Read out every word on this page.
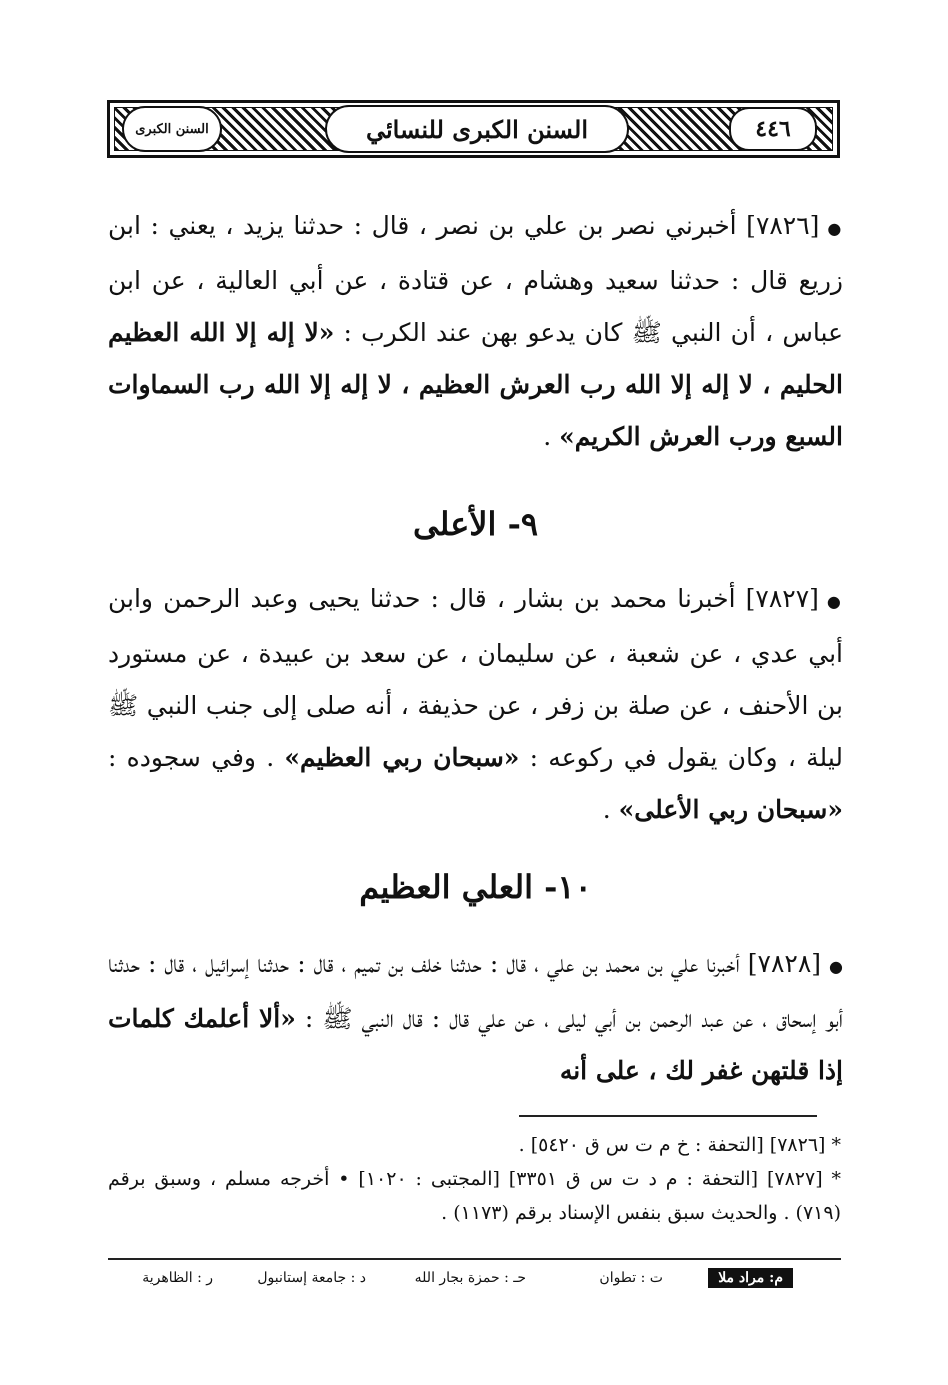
السنن الكبرى	السنن الكبرى للنسائي	٤٤٦

●[٧٨٢٦] أخبرني نصر بن علي بن نصر ، قال : حدثنا يزيد ، يعني : ابن زريع قال : حدثنا سعيد وهشام ، عن قتادة ، عن أبي العالية ، عن ابن عباس ، أن النبي ﷺ كان يدعو بهن عند الكرب : «لا إله إلا الله العظيم الحليم ، لا إله إلا الله رب العرش العظيم ، لا إله إلا الله رب السماوات السبع ورب العرش الكريم» .

٩- الأعلى

●[٧٨٢٧] أخبرنا محمد بن بشار ، قال : حدثنا يحيى وعبد الرحمن وابن أبي عدي ، عن شعبة ، عن سليمان ، عن سعد بن عبيدة ، عن مستورد بن الأحنف ، عن صلة بن زفر ، عن حذيفة ، أنه صلى إلى جنب النبي ﷺ ليلة ، وكان يقول في ركوعه : «سبحان ربي العظيم» . وفي سجوده : «سبحان ربي الأعلى» .

١٠- العلي العظيم

●[٧٨٢٨] أخبرنا علي بن محمد بن علي ، قال : حدثنا خلف بن تميم ، قال : حدثنا إسرائيل ، قال : حدثنا أبو إسحاق ، عن عبد الرحمن بن أبي ليلى ، عن علي قال : قال النبي ﷺ : «ألا أعلمك كلمات إذا قلتهن غفر لك ، على أنه

* [٧٨٢٦] [التحفة : خ م ت س ق ٥٤٢٠] .

* [٧٨٢٧] [التحفة : م د ت س ق ٣٣٥١] [المجتبى : ١٠٢٠] • أخرجه مسلم ، وسبق برقم (٧١٩) . والحديث سبق بنفس الإسناد برقم (١١٧٣) .

م: مراد ملا
ت : تطوان
حـ : حمزة بجار الله
د : جامعة إستانبول
ر : الظاهرية
